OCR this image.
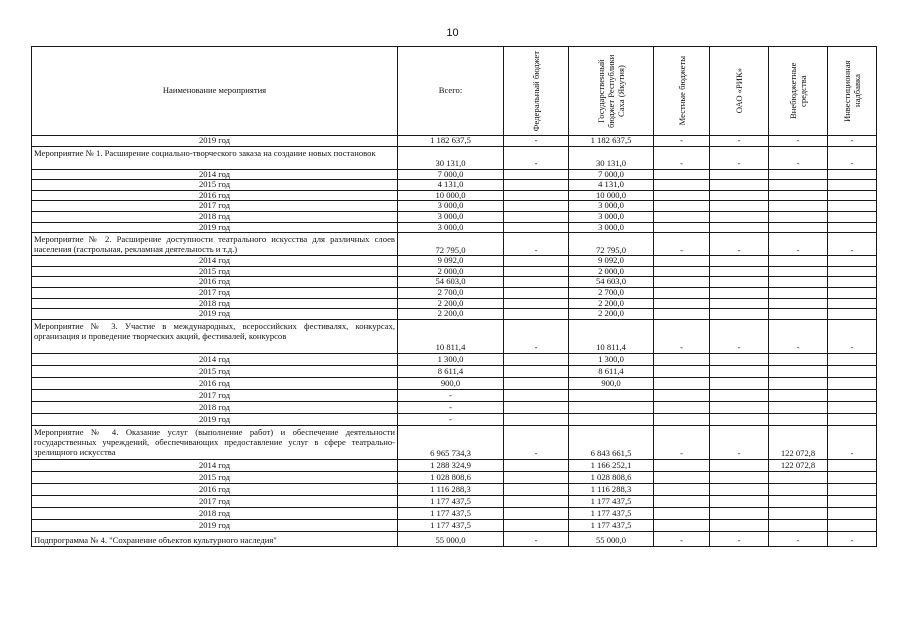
10
Наименование мероприятия	Всего:	Федеральный бюджет	Государственный бюджет Республики Саха (Якутия)	Местные бюджеты	ОАО «РИК»	Внебюджетные средства	Инвестиционная надбавка

2019 год	1 182 637,5	-	1 182 637,5	-	-	-	-
Мероприятие № 1. Расширение социально-творческого заказа на создание новых постановок	30 131,0	-	30 131,0	-	-	-	-
2014 год	7 000,0		7 000,0				
2015 год	4 131,0		4 131,0				
2016 год	10 000,0		10 000,0				
2017 год	3 000,0		3 000,0				
2018 год	3 000,0		3 000,0				
2019 год	3 000,0		3 000,0				
Мероприятие № 2. Расширение доступности театрального искусства для различных слоев населения (гастрольная, рекламная деятельность и т.д.)	72 795,0	-	72 795,0	-	-	-	-
2014 год	9 092,0		9 092,0				
2015 год	2 000,0		2 000,0				
2016 год	54 603,0		54 603,0				
2017 год	2 700,0		2 700,0				
2018 год	2 200,0		2 200,0				
2019 год	2 200,0		2 200,0				
Мероприятие № 3. Участие в международных, всероссийских фестивалях, конкурсах, организация и проведение творческих акций, фестивалей, конкурсов	10 811,4	-	10 811,4	-	-	-	-
2014 год	1 300,0		1 300,0				
2015 год	8 611,4		8 611,4				
2016 год	900,0		900,0				
2017 год	-						
2018 год	-						
2019 год	-						
Мероприятие № 4. Оказание услуг (выполнение работ) и обеспечение деятельности государственных учреждений, обеспечивающих предоставление услуг в сфере театрально-зрелищного искусства	6 965 734,3	-	6 843 661,5	-	-	122 072,8	-
2014 год	1 288 324,9		1 166 252,1			122 072,8	
2015 год	1 028 808,6		1 028 808,6				
2016 год	1 116 288,3		1 116 288,3				
2017 год	1 177 437,5		1 177 437,5				
2018 год	1 177 437,5		1 177 437,5				
2019 год	1 177 437,5		1 177 437,5				
Подпрограмма № 4. "Сохранение объектов культурного наследия"	55 000,0	-	55 000,0	-	-	-	-
